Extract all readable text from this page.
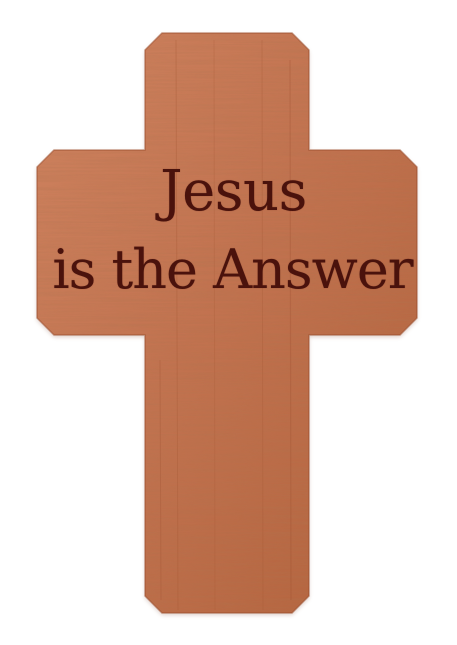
Jesus
is the Answer
